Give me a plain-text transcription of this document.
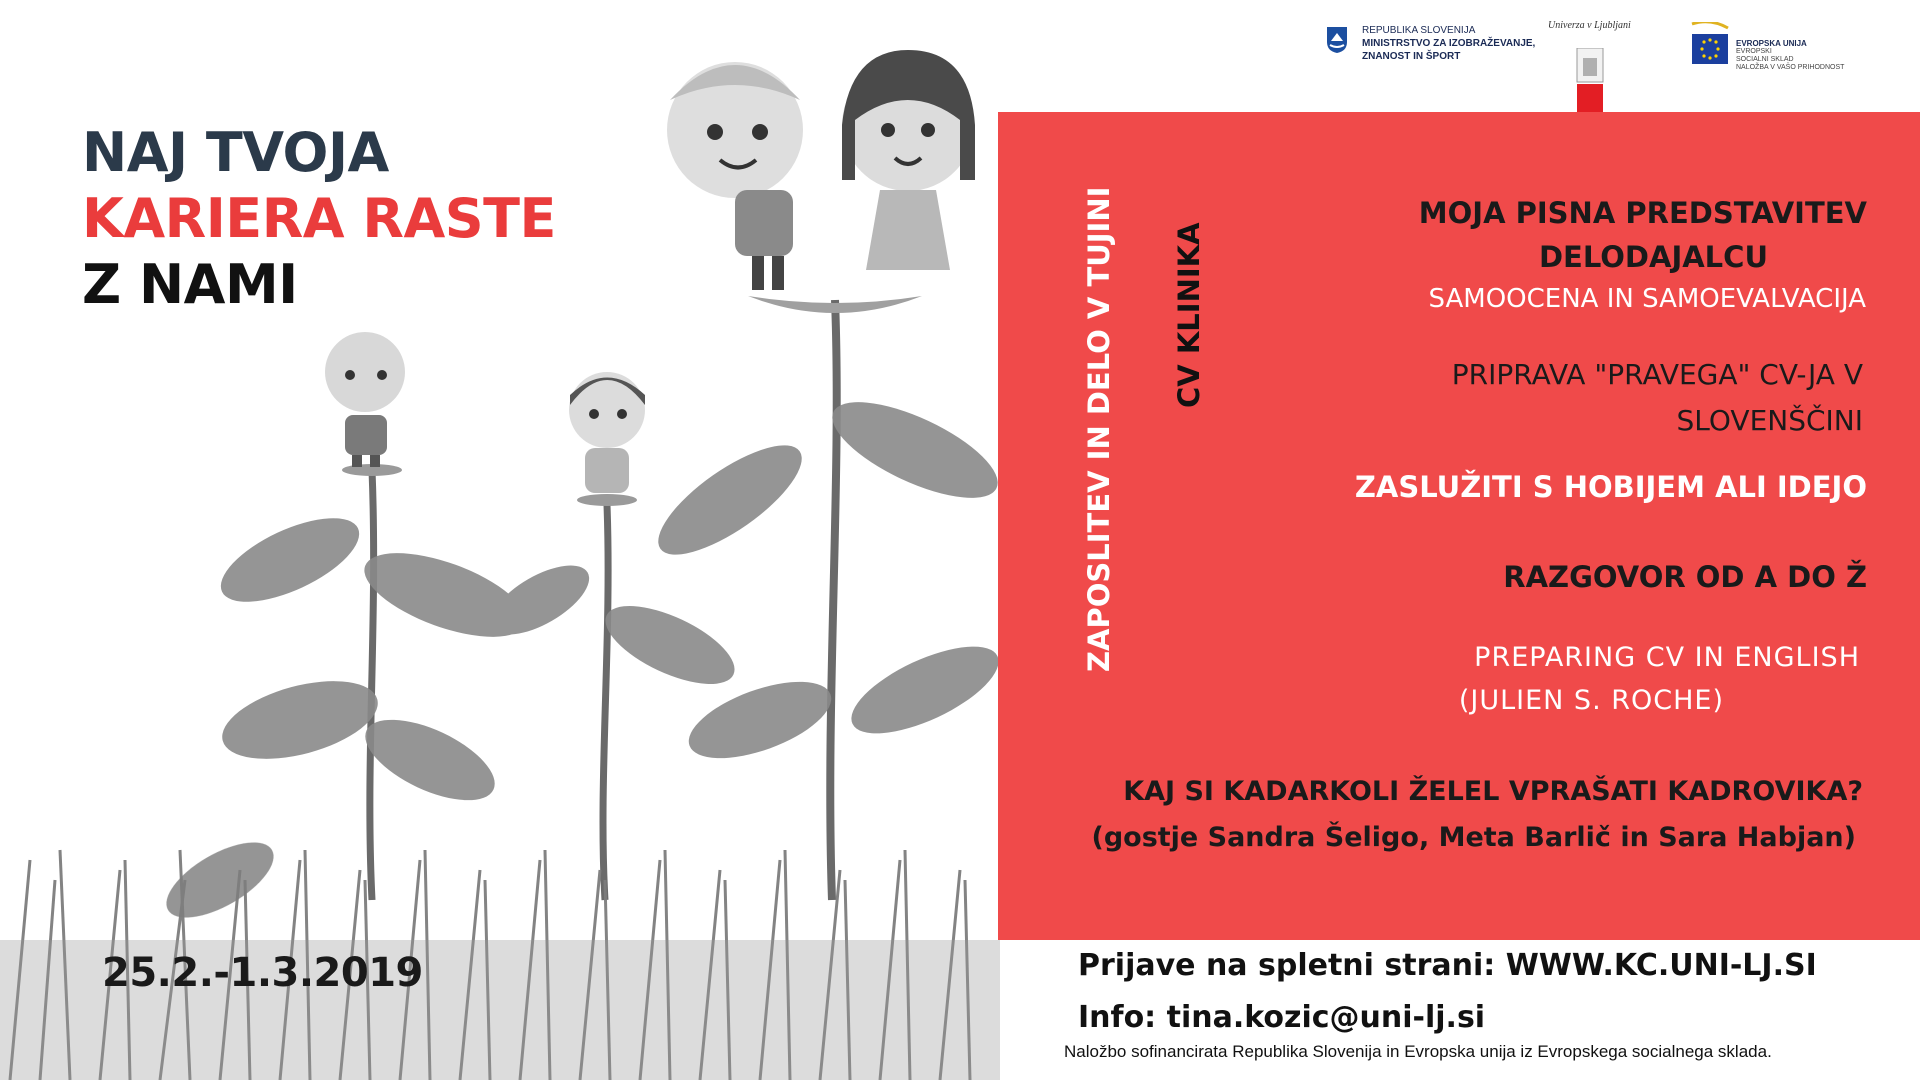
NAJ TVOJA
KARIERA RASTE
Z NAMI
25.2.-1.3.2019
REPUBLIKA SLOVENIJA
MINISTRSTVO ZA IZOBRAŽEVANJE,
ZNANOST IN ŠPORT
Univerza v Ljubljani
EVROPSKA UNIJA
EVROPSKI
SOCIALNI SKLAD
NALOŽBA V VAŠO PRIHODNOST
ZAPOSLITEV IN DELO V TUJINI CV KLINIKA
MOJA PISNA PREDSTAVITEV
DELODAJALCU
SAMOOCENA IN SAMOEVALVACIJA
PRIPRAVA "PRAVEGA" CV-JA V
SLOVENŠČINI
ZASLUŽITI S HOBIJEM ALI IDEJO
RAZGOVOR OD A DO Ž
PREPARING CV IN ENGLISH
(JULIEN S. ROCHE)
KAJ SI KADARKOLI ŽELEL VPRAŠATI KADROVIKA?
(gostje Sandra Šeligo, Meta Barlič in Sara Habjan)
Prijave na spletni strani: WWW.KC.UNI-LJ.SI
Info: tina.kozic@uni-lj.si
Naložbo sofinancirata Republika Slovenija in Evropska unija iz Evropskega socialnega sklada.
